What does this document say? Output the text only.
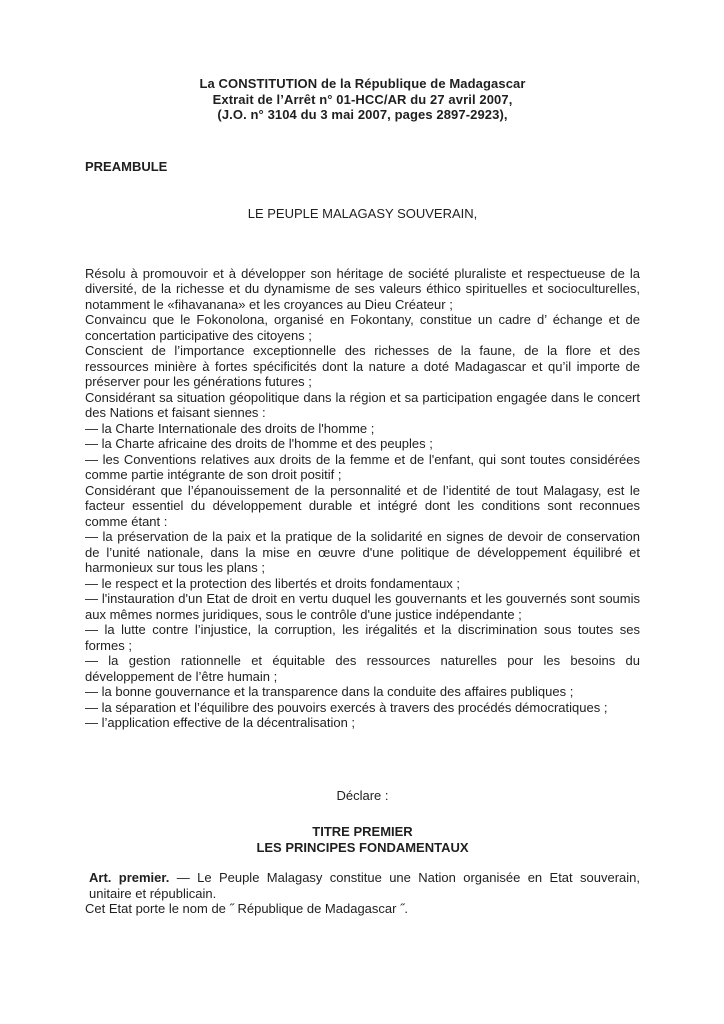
La CONSTITUTION de la République de Madagascar
Extrait de l’Arrêt n° 01-HCC/AR du 27 avril 2007,
(J.O. n° 3104 du 3 mai 2007, pages 2897-2923),
PREAMBULE
LE PEUPLE MALAGASY SOUVERAIN,

Résolu à promouvoir et à développer son héritage de société pluraliste et respectueuse de la diversité, de la richesse et du dynamisme de ses valeurs éthico spirituelles et socioculturelles, notamment le «fihavanana» et les croyances au Dieu Créateur ;

Convaincu que le Fokonolona, organisé en Fokontany, constitue un cadre d’ échange et de concertation participative des citoyens ;

Conscient de l’importance exceptionnelle des richesses de la faune, de la flore et des ressources minière à fortes spécificités dont la nature a doté Madagascar et qu’il importe de préserver pour les générations futures ;

Considérant sa situation géopolitique dans la région et sa participation engagée dans le concert des Nations et faisant siennes :

— la Charte Internationale des droits de l'homme ;

— la Charte africaine des droits de l'homme et des peuples ;

— les Conventions relatives aux droits de la femme et de l'enfant, qui sont toutes considérées comme partie intégrante de son droit positif ;

Considérant que l’épanouissement de la personnalité et de l’identité de tout Malagasy, est le facteur essentiel du développement durable et intégré dont les conditions sont reconnues comme étant :

— la préservation de la paix et la pratique de la solidarité en signes de devoir de conservation de l’unité nationale, dans la mise en œuvre d'une politique de développement équilibré et harmonieux sur tous les plans ;

— le respect et la protection des libertés et droits fondamentaux ;

— l'instauration d'un Etat de droit en vertu duquel les gouvernants et les gouvernés sont soumis aux mêmes normes juridiques, sous le contrôle d'une justice indépendante ;

— la lutte contre l’injustice, la corruption, les irégalités et la discrimination sous toutes ses formes ;

— la gestion rationnelle et équitable des ressources naturelles pour les besoins du développement de l’être humain ;

— la bonne gouvernance et la transparence dans la conduite des affaires publiques ;

— la séparation et l’équilibre des pouvoirs exercés à travers des procédés démocratiques ;

— l’application effective de la décentralisation ;

Déclare :
TITRE PREMIER
LES PRINCIPES FONDAMENTAUX

Art. premier. — Le Peuple Malagasy constitue une Nation organisée en Etat souverain, unitaire et républicain.

Cet Etat porte le nom de ˝ République de Madagascar ˝.
